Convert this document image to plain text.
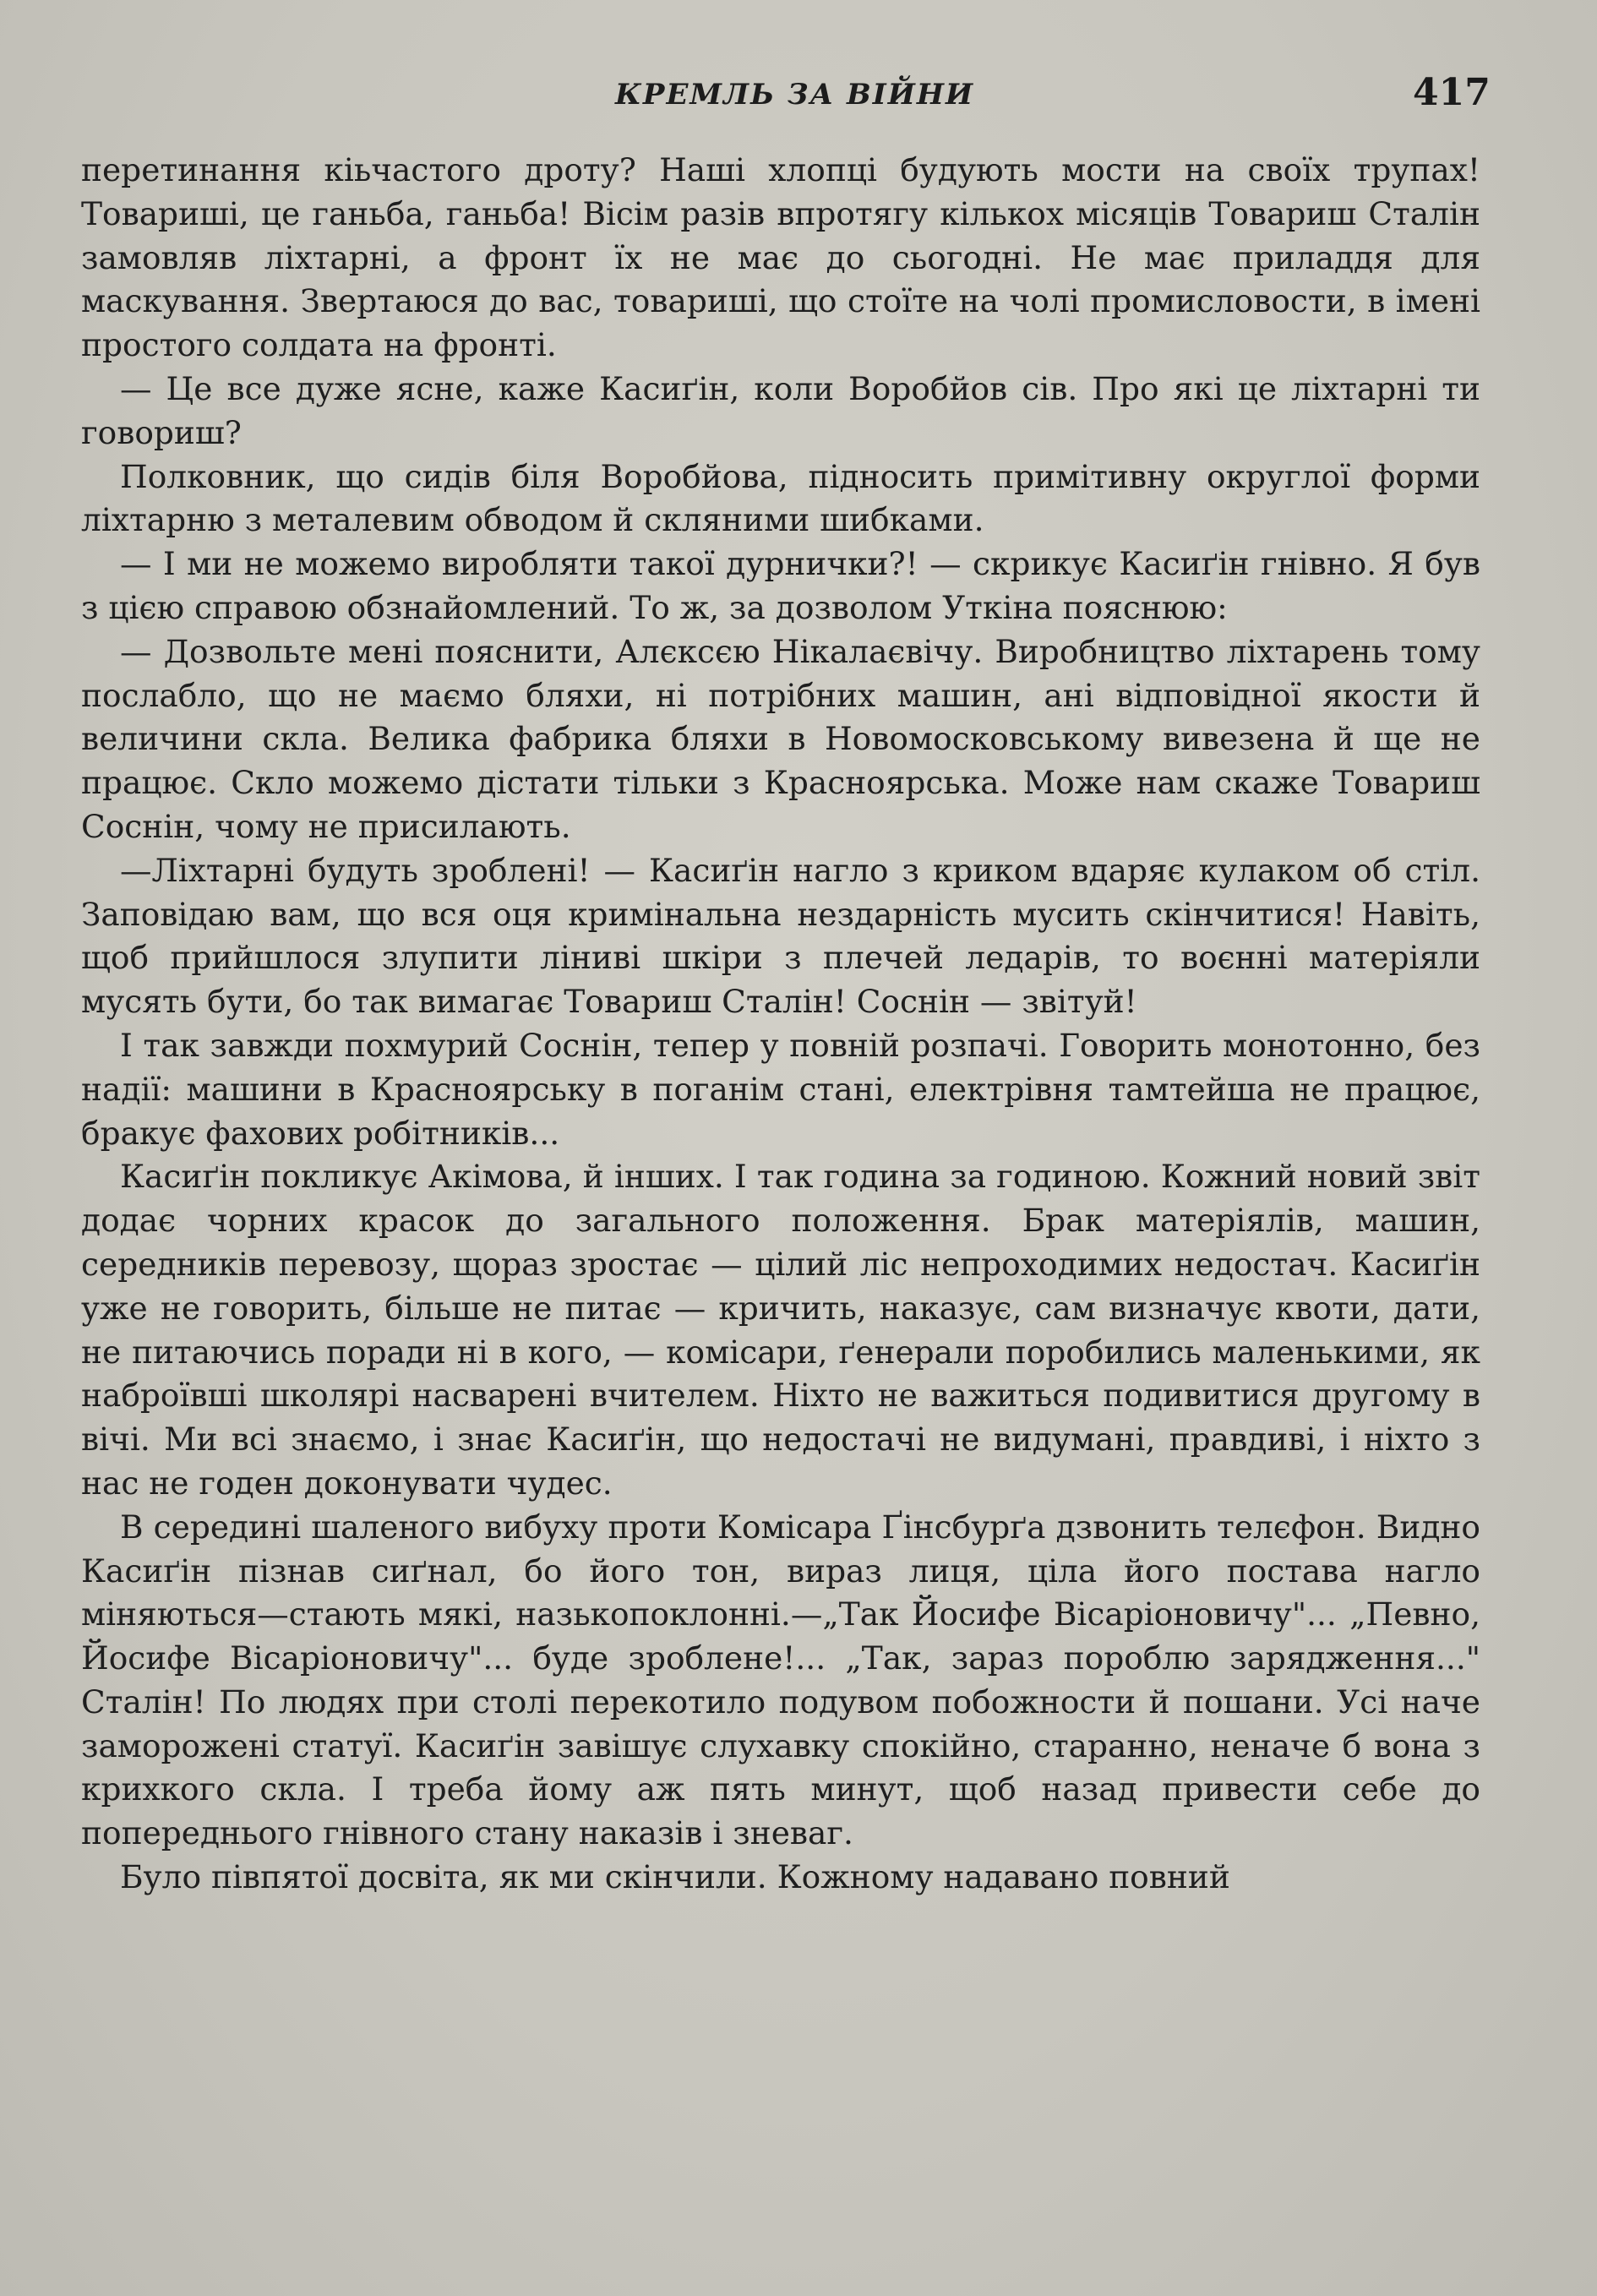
КРЕМЛЬ ЗА ВІЙНИ	417

перетинання кіьчастого дроту? Наші хлопці будують мости на своїх трупах! Товариші, це ганьба, ганьба! Вісім разів впротягу кількох місяців Товариш Сталін замовляв ліхтарні, а фронт їх не має до сьогодні. Не має приладдя для маскування. Звертаюся до вас, товариші, що стоїте на чолі промисловости, в імені простого солдата на фронті.

— Це все дуже ясне, каже Касиґін, коли Воробйов сів. Про які це ліхтарні ти говориш?

Полковник, що сидів біля Воробйова, підносить примітивну округлої форми ліхтарню з металевим обводом й скляними шибками.

— І ми не можемо виробляти такої дурнички?! — скрикує Касиґін гнівно. Я був з цією справою обзнайомлений. То ж, за дозволом Уткіна пояснюю:

— Дозвольте мені пояснити, Алєксєю Нікалаєвічу. Виробництво ліхтарень тому послабло, що не маємо бляхи, ні потрібних машин, ані відповідної якости й величини скла. Велика фабрика бляхи в Новомосковському вивезена й ще не працює. Скло можемо дістати тільки з Красноярська. Може нам скаже Товариш Соснін, чому не присилають.

—Ліхтарні будуть зроблені! — Касиґін нагло з криком вдаряє кулаком об стіл. Заповідаю вам, що вся оця кримінальна нездарність мусить скінчитися! Навіть, щоб прийшлося злупити ліниві шкіри з плечей ледарів, то воєнні матеріяли мусять бути, бо так вимагає Товариш Сталін! Соснін — звітуй!

І так завжди похмурий Соснін, тепер у повній розпачі. Говорить монотонно, без надії: машини в Красноярську в поганім стані, електрівня тамтейша не працює, бракує фахових робітників...

Касиґін покликує Акімова, й інших. І так година за годиною. Кожний новий звіт додає чорних красок до загального положення. Брак матеріялів, машин, середників перевозу, щораз зростає — цілий ліс непроходимих недостач. Касиґін уже не говорить, більше не питає — кричить, наказує, сам визначує квоти, дати, не питаючись поради ні в кого, — комісари, ґенерали поробились маленькими, як наброївші школярі насварені вчителем. Ніхто не важиться подивитися другому в вічі. Ми всі знаємо, і знає Касиґін, що недостачі не видумані, правдиві, і ніхто з нас не годен доконувати чудес.

В середині шаленого вибуху проти Комісара Ґінсбурґа дзвонить телєфон. Видно Касиґін пізнав сиґнал, бо його тон, вираз лиця, ціла його постава нагло міняються—стають мякі, назькопоклонні.—„Так Йосифе Вісаріоновичу"... „Певно, Йосифе Вісаріоновичу"... буде зроблене!... „Так, зараз пороблю зарядження..." Сталін! По людях при столі перекотило подувом побожности й пошани. Усі наче заморожені статуї. Касиґін завішує слухавку спокійно, старанно, неначе б вона з крихкого скла. І треба йому аж пять минут, щоб назад привести себе до попереднього гнівного стану наказів і зневаг.

Було півпятої досвіта, як ми скінчили. Кожному надавано повний
